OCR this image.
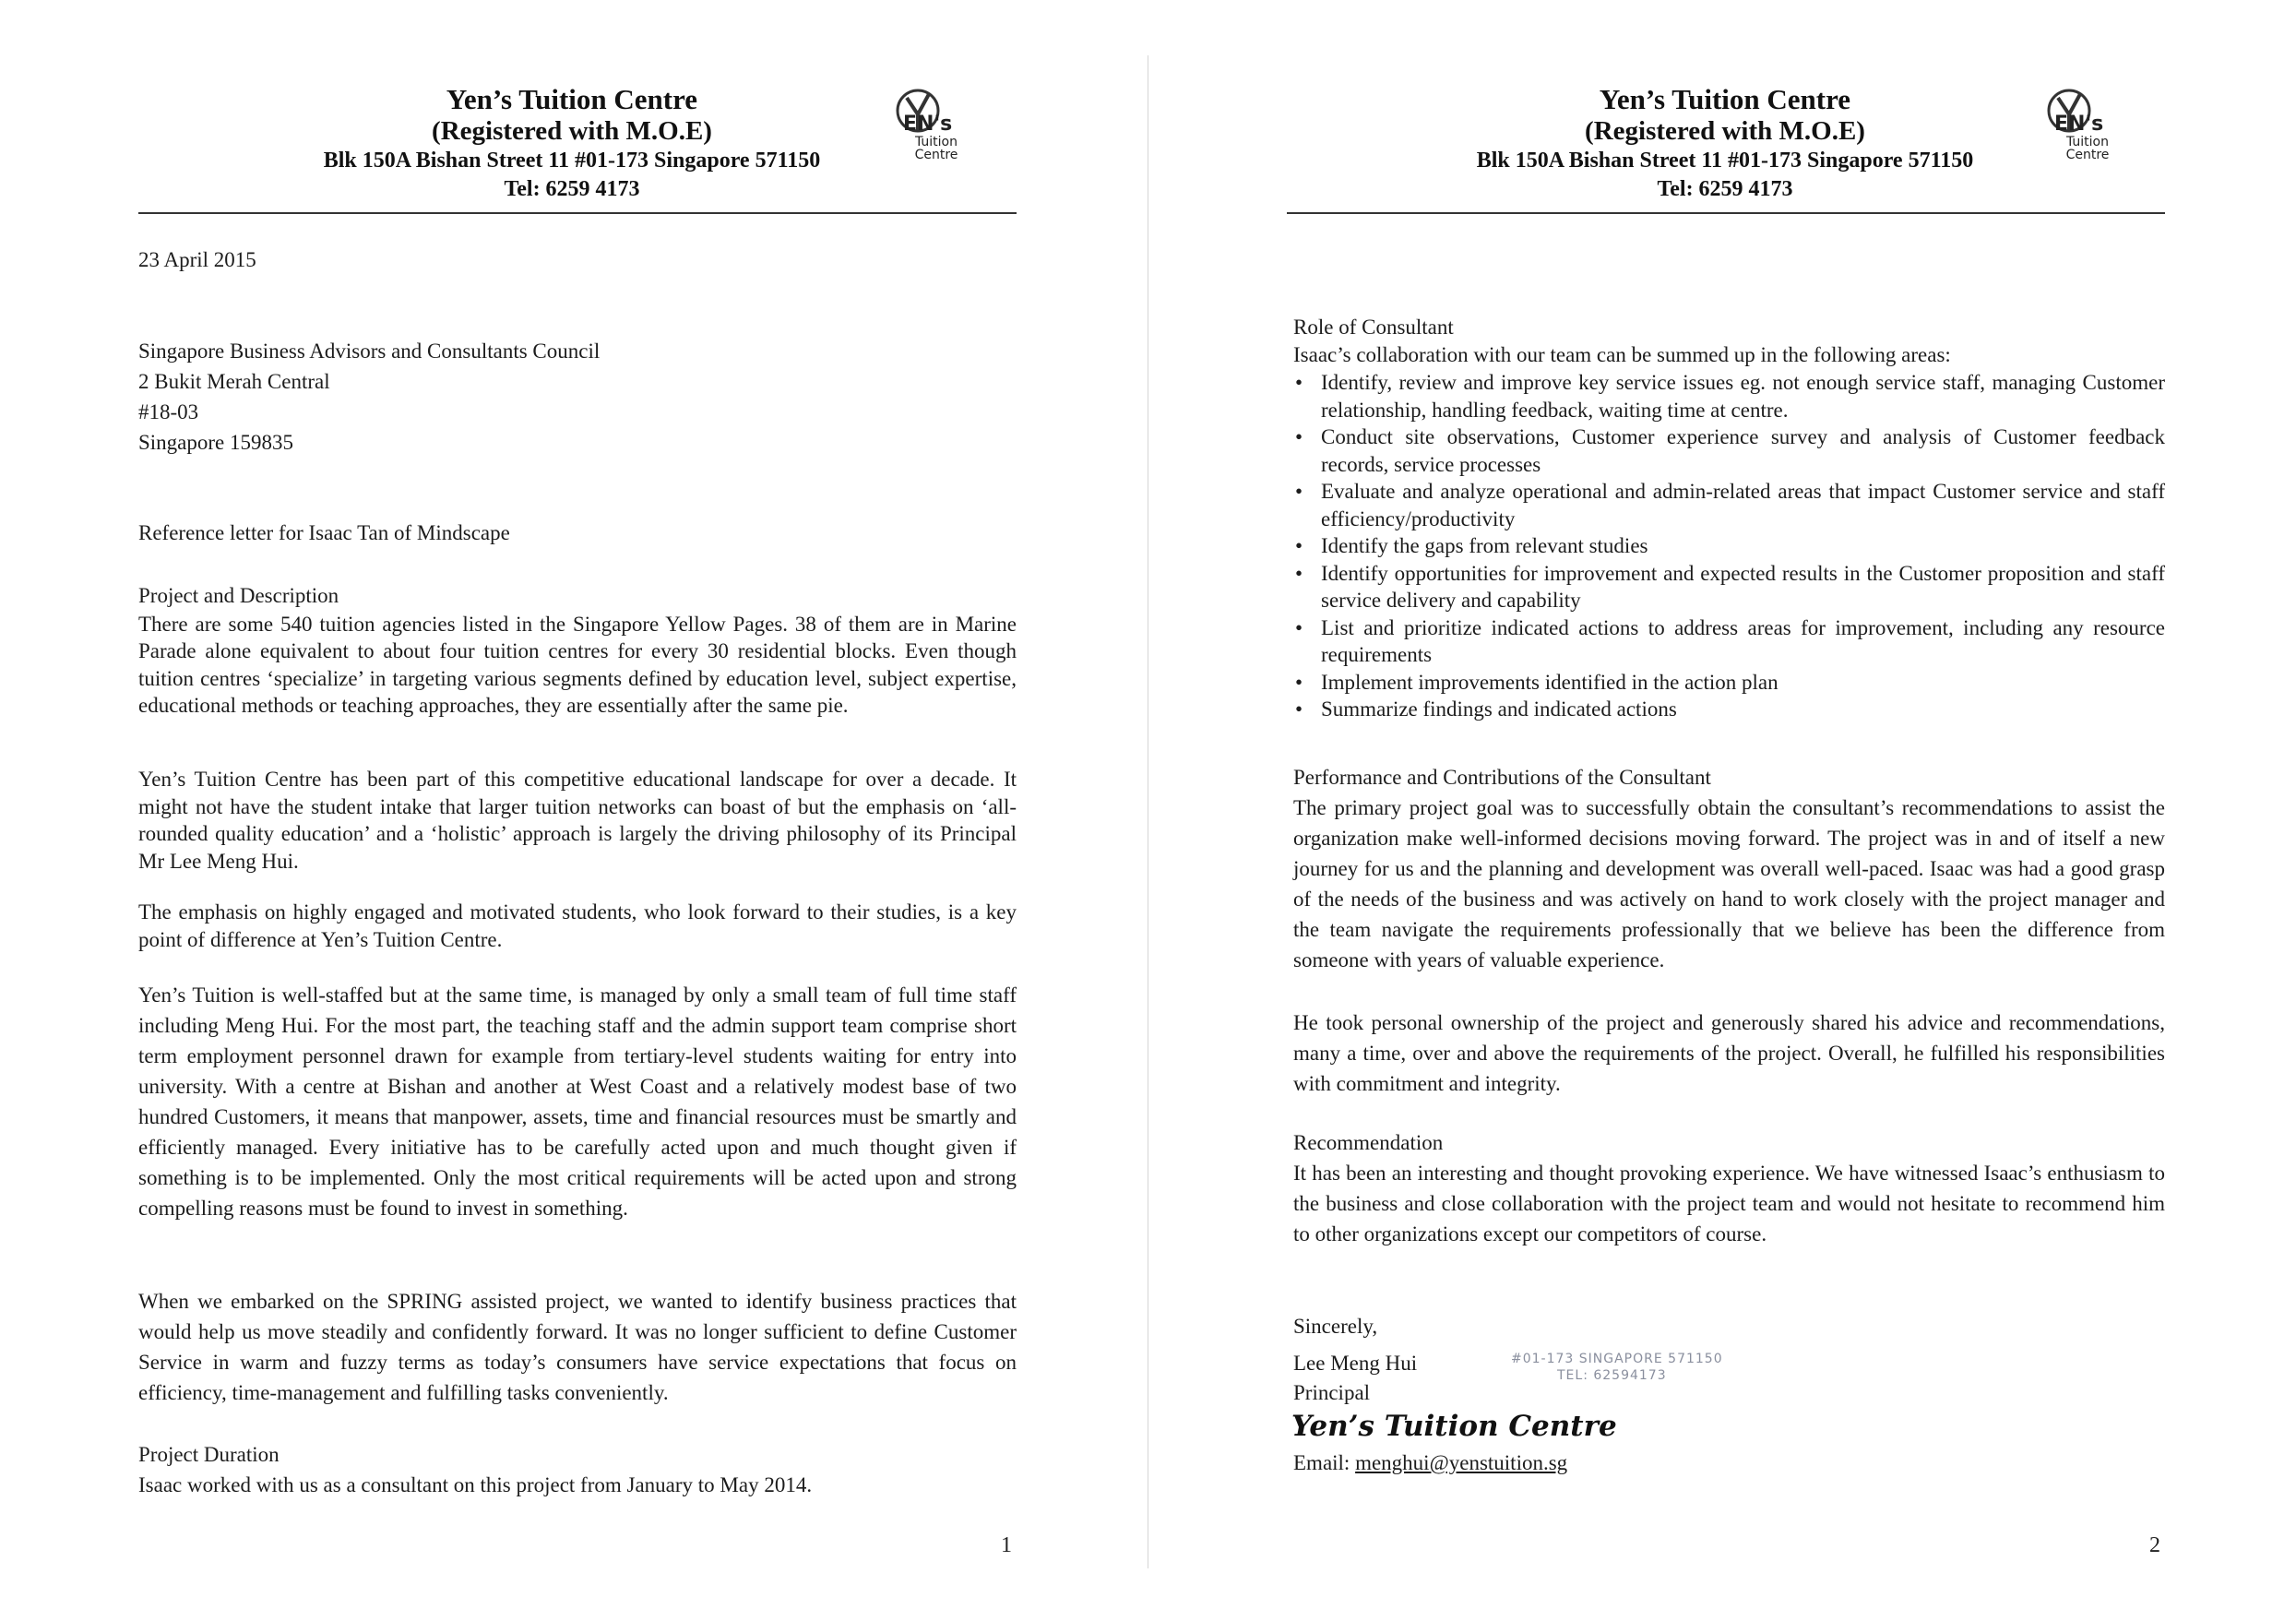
Yen’s Tuition Centre
(Registered with M.O.E)
Blk 150A Bishan Street 11 #01-173 Singapore 571150
Tel: 6259 4173
EN's
Tuition
Centre
23 April 2015
Singapore Business Advisors and Consultants Council
2 Bukit Merah Central
#18-03
Singapore 159835
Reference letter for Isaac Tan of Mindscape
Project and Description

There are some 540 tuition agencies listed in the Singapore Yellow Pages. 38 of them are in Marine Parade alone equivalent to about four tuition centres for every 30 residential blocks. Even though tuition centres ‘specialize’ in targeting various segments defined by education level, subject expertise, educational methods or teaching approaches, they are essentially after the same pie.

Yen’s Tuition Centre has been part of this competitive educational landscape for over a decade. It might not have the student intake that larger tuition networks can boast of but the emphasis on ‘all-rounded quality education’ and a ‘holistic’ approach is largely the driving philosophy of its Principal Mr Lee Meng Hui.

The emphasis on highly engaged and motivated students, who look forward to their studies, is a key point of difference at Yen’s Tuition Centre.

Yen’s Tuition is well-staffed but at the same time, is managed by only a small team of full time staff including Meng Hui. For the most part, the teaching staff and the admin support team comprise short term employment personnel drawn for example from tertiary-level students waiting for entry into university. With a centre at Bishan and another at West Coast and a relatively modest base of two hundred Customers, it means that manpower, assets, time and financial resources must be smartly and efficiently managed. Every initiative has to be carefully acted upon and much thought given if something is to be implemented. Only the most critical requirements will be acted upon and strong compelling reasons must be found to invest in something.

When we embarked on the SPRING assisted project, we wanted to identify business practices that would help us move steadily and confidently forward. It was no longer sufficient to define Customer Service in warm and fuzzy terms as today’s consumers have service expectations that focus on efficiency, time-management and fulfilling tasks conveniently.

Project Duration

Isaac worked with us as a consultant on this project from January to May 2014.

1
Yen’s Tuition Centre
(Registered with M.O.E)
Blk 150A Bishan Street 11 #01-173 Singapore 571150
Tel: 6259 4173
EN's
Tuition
Centre
Role of Consultant
Isaac’s collaboration with our team can be summed up in the following areas:
• Identify, review and improve key service issues eg. not enough service staff, managing Customer relationship, handling feedback, waiting time at centre.
• Conduct site observations, Customer experience survey and analysis of Customer feedback records, service processes
• Evaluate and analyze operational and admin-related areas that impact Customer service and staff efficiency/productivity
• Identify the gaps from relevant studies
• Identify opportunities for improvement and expected results in the Customer proposition and staff service delivery and capability
• List and prioritize indicated actions to address areas for improvement, including any resource requirements
• Implement improvements identified in the action plan
• Summarize findings and indicated actions
Performance and Contributions of the Consultant

The primary project goal was to successfully obtain the consultant’s recommendations to assist the organization make well-informed decisions moving forward. The project was in and of itself a new journey for us and the planning and development was overall well-paced. Isaac was had a good grasp of the needs of the business and was actively on hand to work closely with the project manager and the team navigate the requirements professionally that we believe has been the difference from someone with years of valuable experience.

He took personal ownership of the project and generously shared his advice and recommendations, many a time, over and above the requirements of the project. Overall, he fulfilled his responsibilities with commitment and integrity.

Recommendation

It has been an interesting and thought provoking experience. We have witnessed Isaac’s enthusiasm to the business and close collaboration with the project team and would not hesitate to recommend him to other organizations except our competitors of course.

Sincerely,
Lee Meng Hui
Principal
#01-173 SINGAPORE 571150
TEL: 62594173
Yen’s Tuition Centre
Email: menghui@yenstuition.sg
2
